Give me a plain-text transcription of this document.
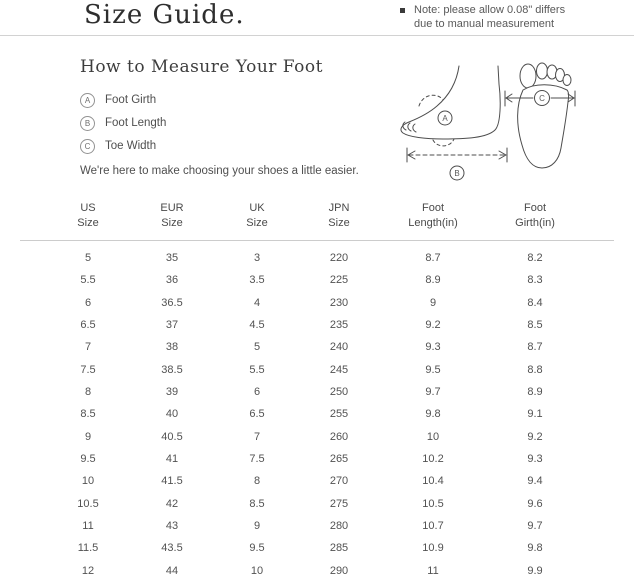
Size Guide.	Note: please allow 0.08" differs
due to manual measurement
How to Measure Your Foot
A	Foot Girth
B	Foot Length
C	Toe Width
We're here to make choosing your shoes a little easier.
A
B
C
US
Size
EUR
Size
UK
Size
JPN
Size
Foot
Length(in)
Foot
Girth(in)
5	35	3	220	8.7	8.2
5.5	36	3.5	225	8.9	8.3
6	36.5	4	230	9	8.4
6.5	37	4.5	235	9.2	8.5
7	38	5	240	9.3	8.7
7.5	38.5	5.5	245	9.5	8.8
8	39	6	250	9.7	8.9
8.5	40	6.5	255	9.8	9.1
9	40.5	7	260	10	9.2
9.5	41	7.5	265	10.2	9.3
10	41.5	8	270	10.4	9.4
10.5	42	8.5	275	10.5	9.6
11	43	9	280	10.7	9.7
11.5	43.5	9.5	285	10.9	9.8
12	44	10	290	11	9.9
